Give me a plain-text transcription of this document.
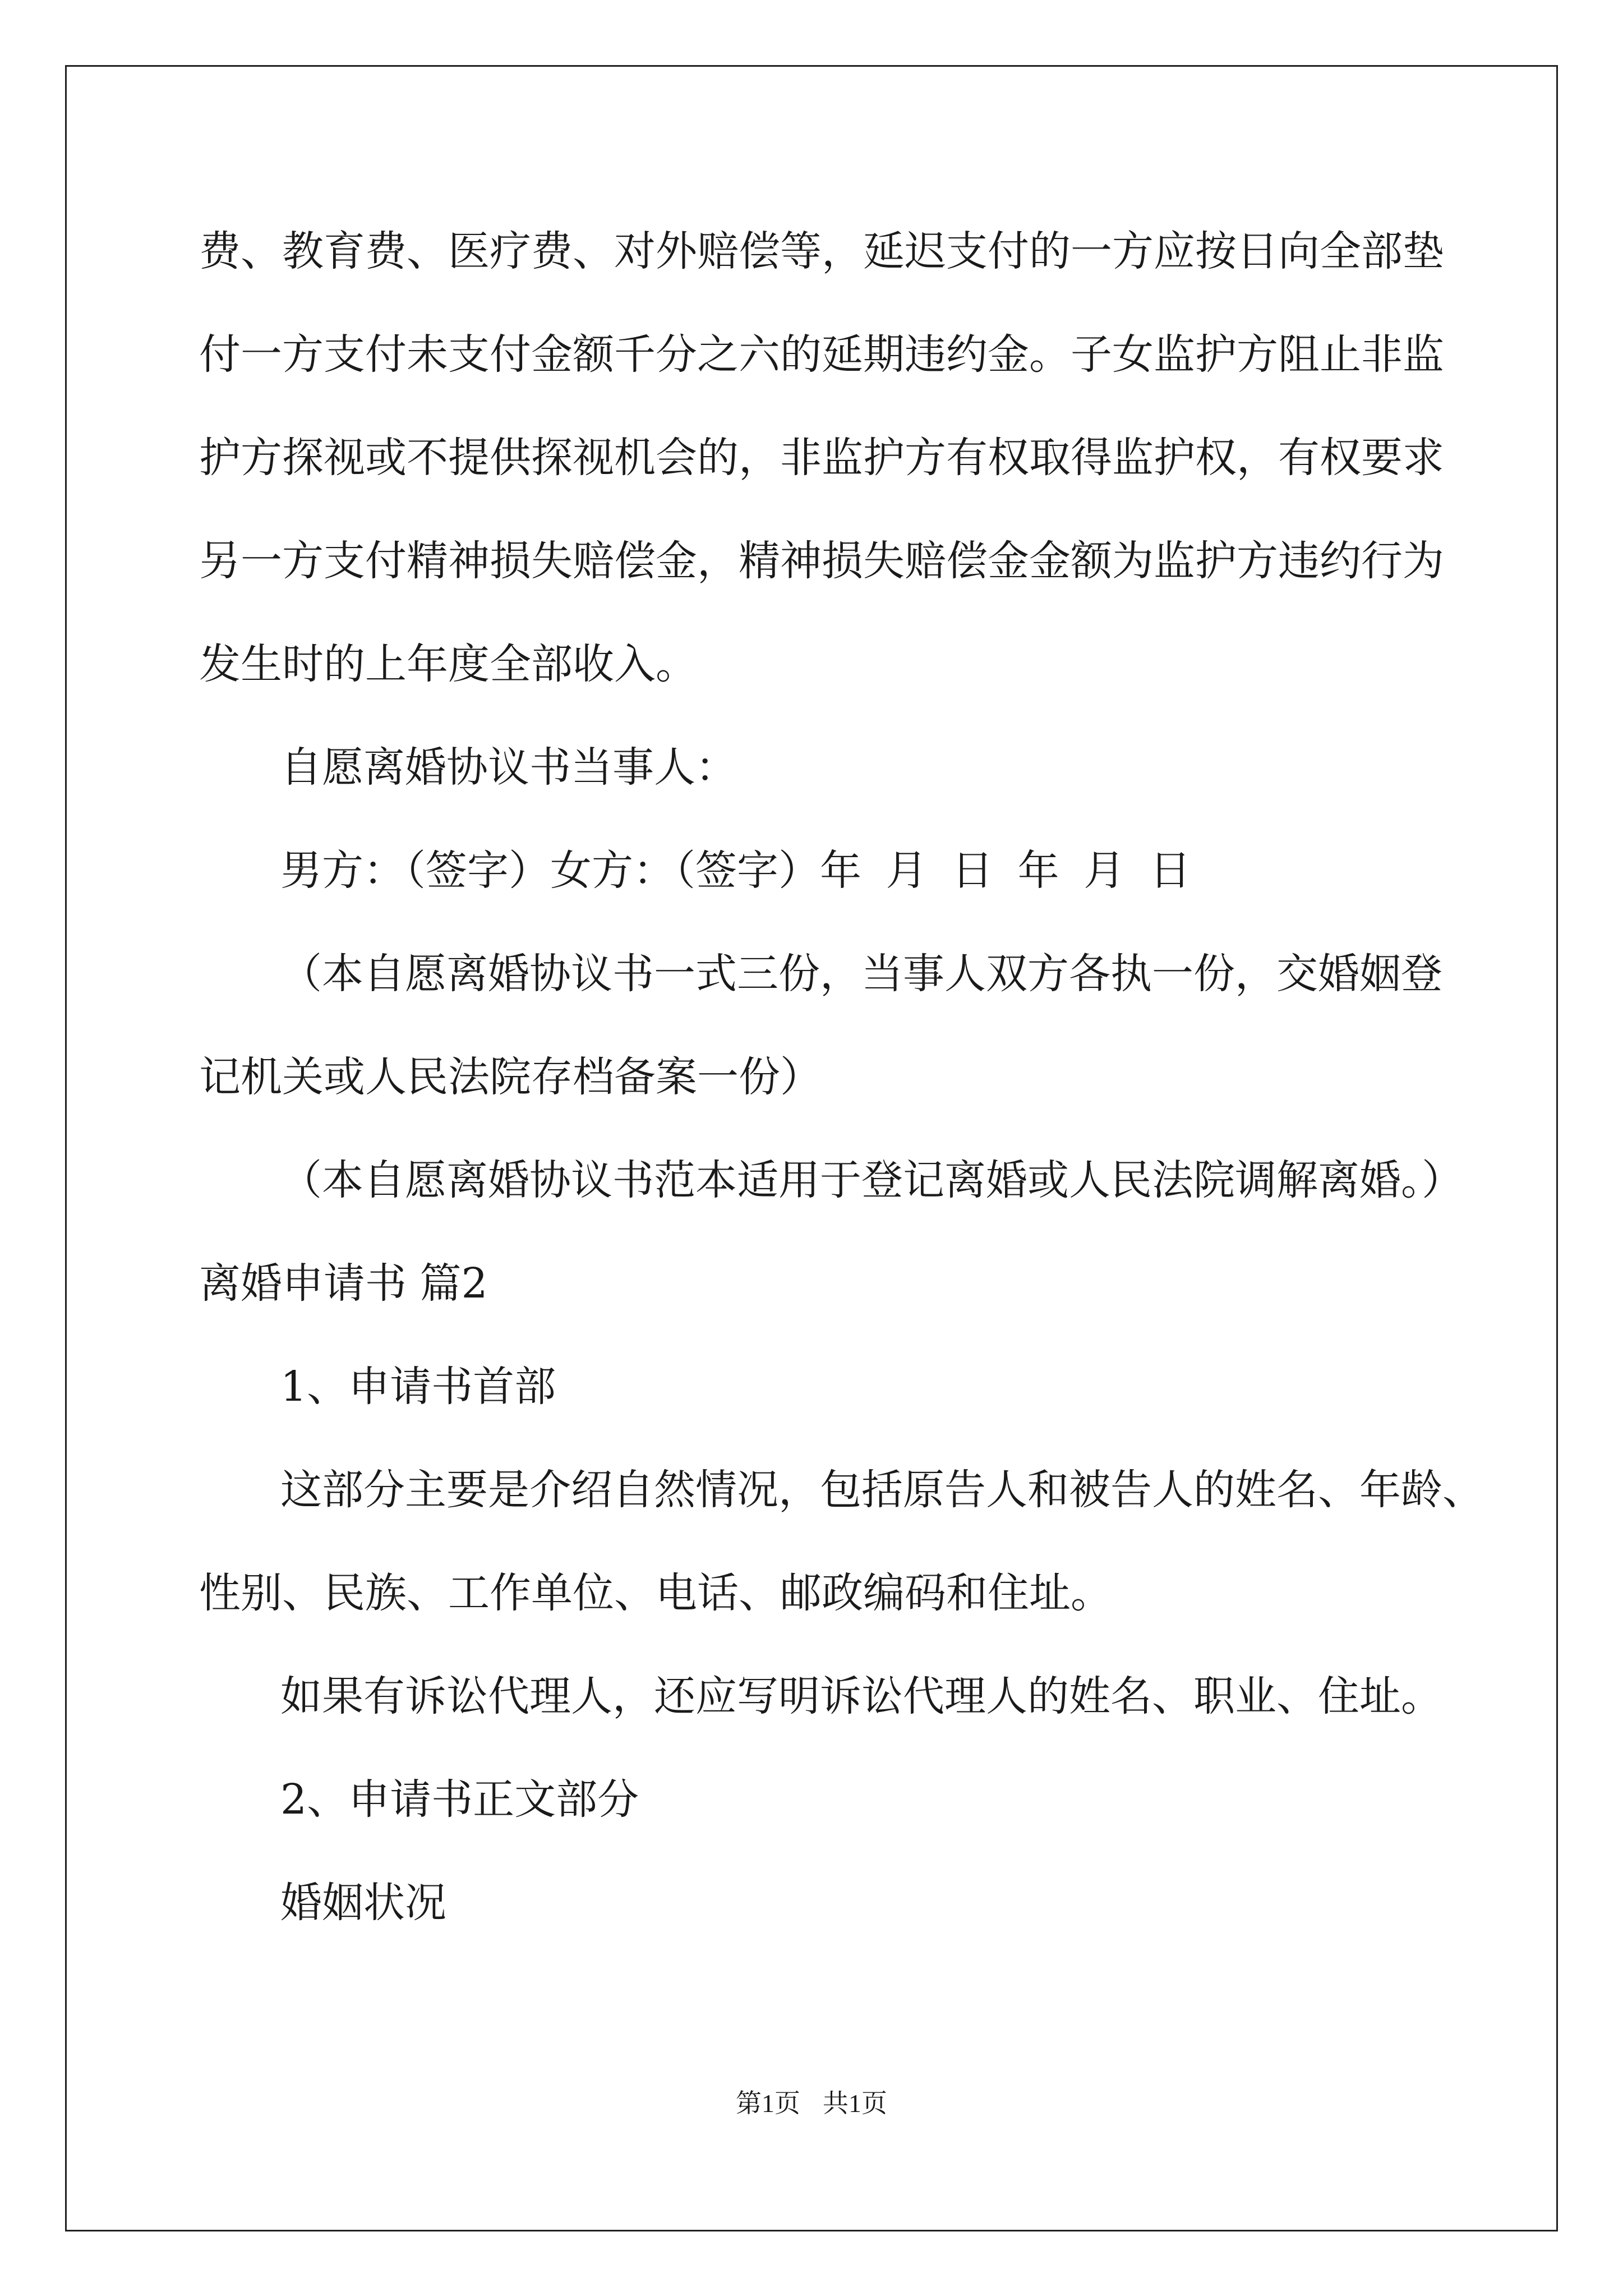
费、教育费、医疗费、对外赔偿等，延迟支付的一方应按日向全部垫
付一方支付未支付金额千分之六的延期违约金。子女监护方阻止非监
护方探视或不提供探视机会的，非监护方有权取得监护权，有权要求
另一方支付精神损失赔偿金，精神损失赔偿金金额为监护方违约行为
发生时的上年度全部收入。
自愿离婚协议书当事人：
男方：（签字）女方：（签字）年 月 日 年 月 日
（本自愿离婚协议书一式三份，当事人双方各执一份，交婚姻登
记机关或人民法院存档备案一份）
（本自愿离婚协议书范本适用于登记离婚或人民法院调解离婚。）
离婚申请书 篇2
1、申请书首部
这部分主要是介绍自然情况，包括原告人和被告人的姓名、年龄、
性别、民族、工作单位、电话、邮政编码和住址。
如果有诉讼代理人，还应写明诉讼代理人的姓名、职业、住址。
2、申请书正文部分
婚姻状况
第1页 共1页
